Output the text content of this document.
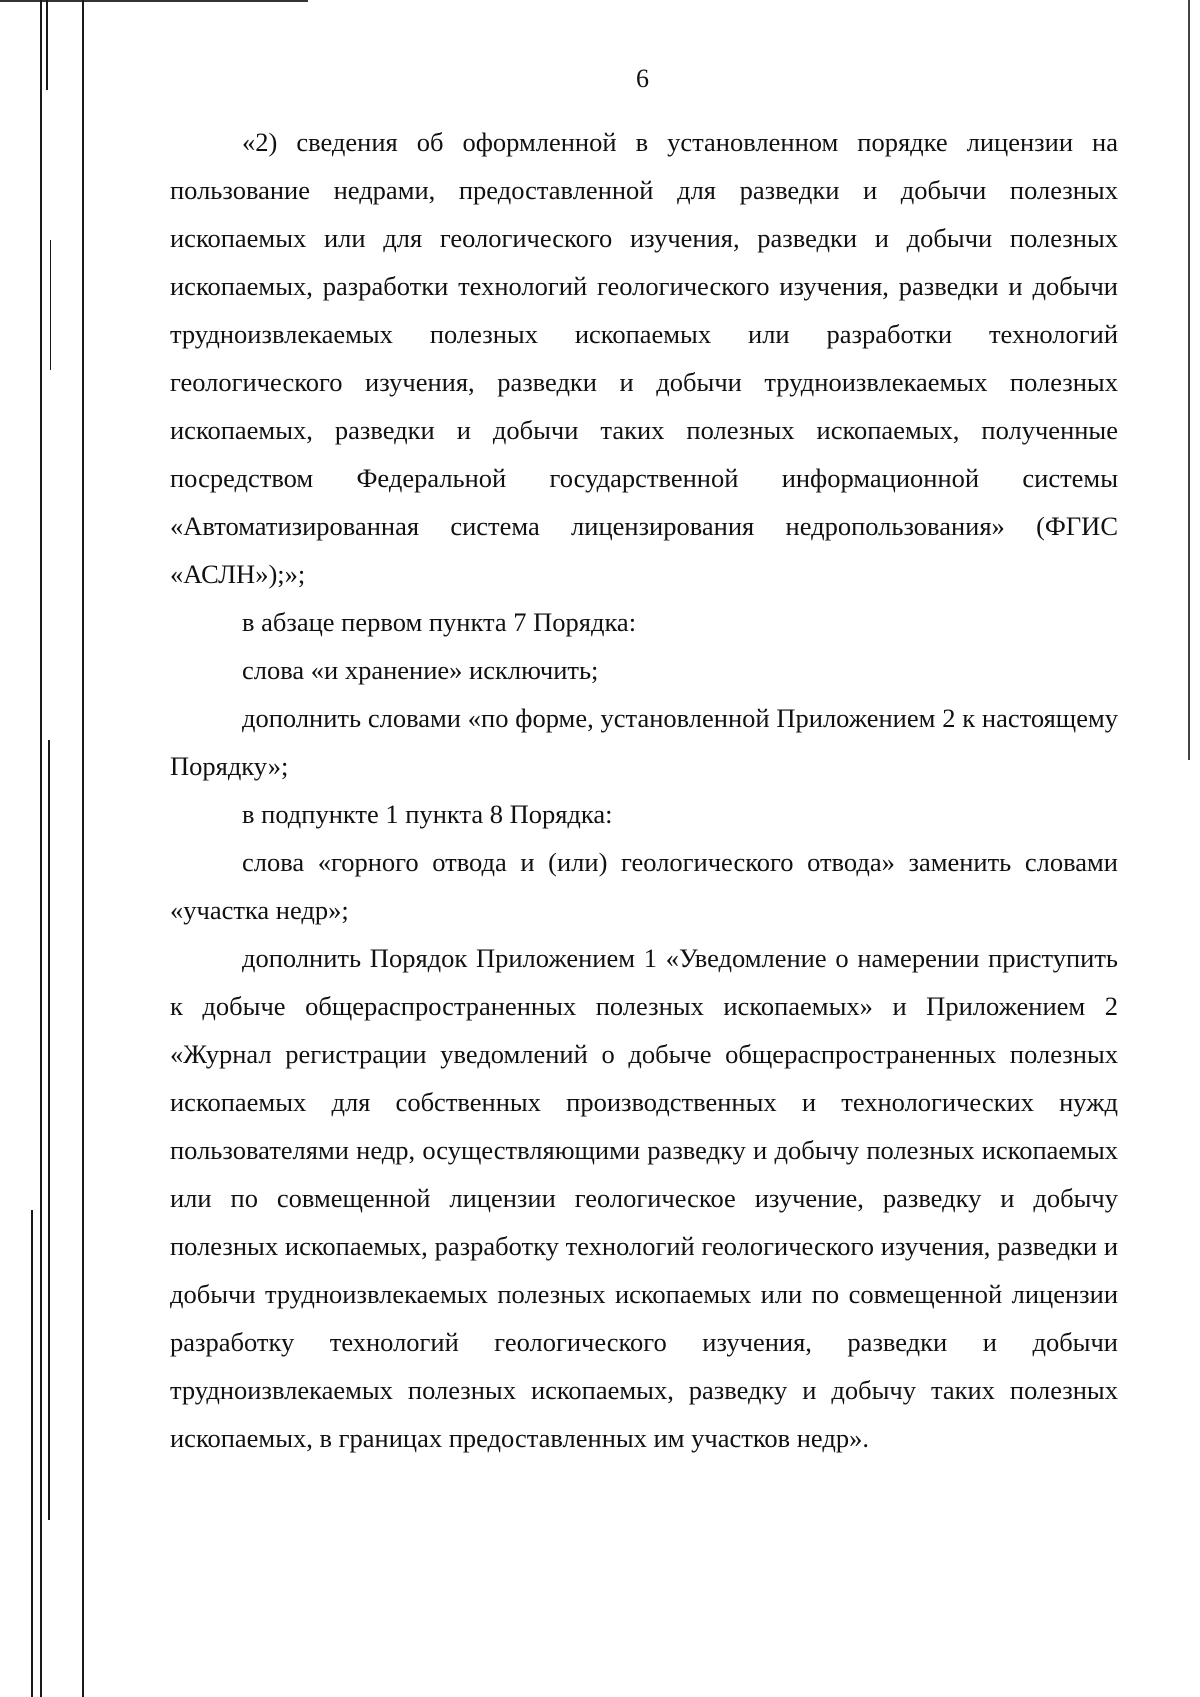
6

«2) сведения об оформленной в установленном порядке лицензии на пользование недрами, предоставленной для разведки и добычи полезных ископаемых или для геологического изучения, разведки и добычи полезных ископаемых, разработки технологий геологического изучения, разведки и добычи трудноизвлекаемых полезных ископаемых или разработки технологий геологического изучения, разведки и добычи трудноизвлекаемых полезных ископаемых, разведки и добычи таких полезных ископаемых, полученные посредством Федеральной государственной информационной системы «Автоматизированная система лицензирования недропользования» (ФГИС «АСЛН»);»;

в абзаце первом пункта 7 Порядка:

слова «и хранение» исключить;

дополнить словами «по форме, установленной Приложением 2 к настоящему Порядку»;

в подпункте 1 пункта 8 Порядка:

слова «горного отвода и (или) геологического отвода» заменить словами «участка недр»;

дополнить Порядок Приложением 1 «Уведомление о намерении приступить к добыче общераспространенных полезных ископаемых» и Приложением 2 «Журнал регистрации уведомлений о добыче общераспространенных полезных ископаемых для собственных производственных и технологических нужд пользователями недр, осуществляющими разведку и добычу полезных ископаемых или по совмещенной лицензии геологическое изучение, разведку и добычу полезных ископаемых, разработку технологий геологического изучения, разведки и добычи трудноизвлекаемых полезных ископаемых или по совмещенной лицензии разработку технологий геологического изучения, разведки и добычи трудноизвлекаемых полезных ископаемых, разведку и добычу таких полезных ископаемых, в границах предоставленных им участков недр».
